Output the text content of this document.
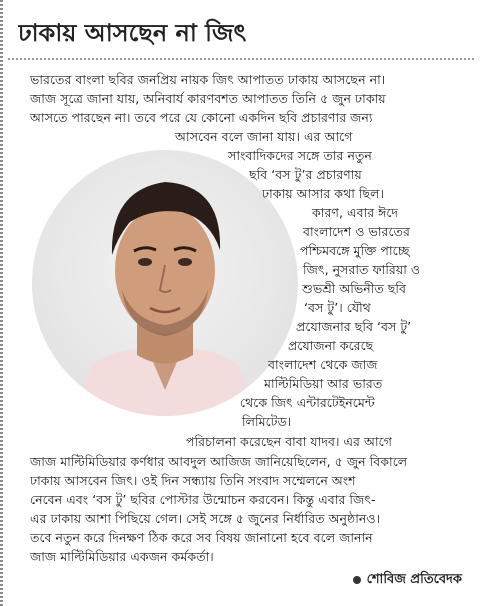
ঢাকায় আসছেন না জিৎ
ভারতের বাংলা ছবির জনপ্রিয় নায়ক জিৎ আপাতত ঢাকায় আসছেন না।
জাজ সূত্রে জানা যায়, অনিবার্য কারণবশত আপাতত তিনি ৫ জুন ঢাকায়
আসতে পারছেন না। তবে পরে যে কোনো একদিন ছবি প্রচারণার জন্য
আসবেন বলে জানা যায়। এর আগে
সাংবাদিকদের সঙ্গে তার নতুন
ছবি ‘বস টু’র প্রচারণায়
ঢাকায় আসার কথা ছিল।
কারণ, এবার ঈদে
বাংলাদেশ ও ভারতের
পশ্চিমবঙ্গে মুক্তি পাচ্ছে
জিৎ, নুসরাত ফারিয়া ও
শুভশ্রী অভিনীত ছবি
‘বস টু’। যৌথ
প্রযোজনার ছবি ‘বস টু’
প্রযোজনা করেছে
বাংলাদেশ থেকে জাজ
মাল্টিমিডিয়া আর ভারত
থেকে জিৎ এন্টারটেইনমেন্ট
লিমিটেড।
পরিচালনা করেছেন বাবা যাদব। এর আগে
জাজ মাল্টিমিডিয়ার কর্ণধার আবদুল আজিজ জানিয়েছিলেন, ৫ জুন বিকালে
ঢাকায় আসবেন জিৎ। ওই দিন সন্ধ্যায় তিনি সংবাদ সম্মেলনে অংশ
নেবেন এবং ‘বস টু’ ছবির পোস্টার উন্মোচন করবেন। কিন্তু এবার জিৎ-
এর ঢাকায় আশা পিছিয়ে গেল। সেই সঙ্গে ৫ জুনের নির্ধারিত অনুষ্ঠানও।
তবে নতুন করে দিনক্ষণ ঠিক করে সব বিষয় জানানো হবে বলে জানান
জাজ মাল্টিমিডিয়ার একজন কর্মকর্তা।
শোবিজ প্রতিবেদক
